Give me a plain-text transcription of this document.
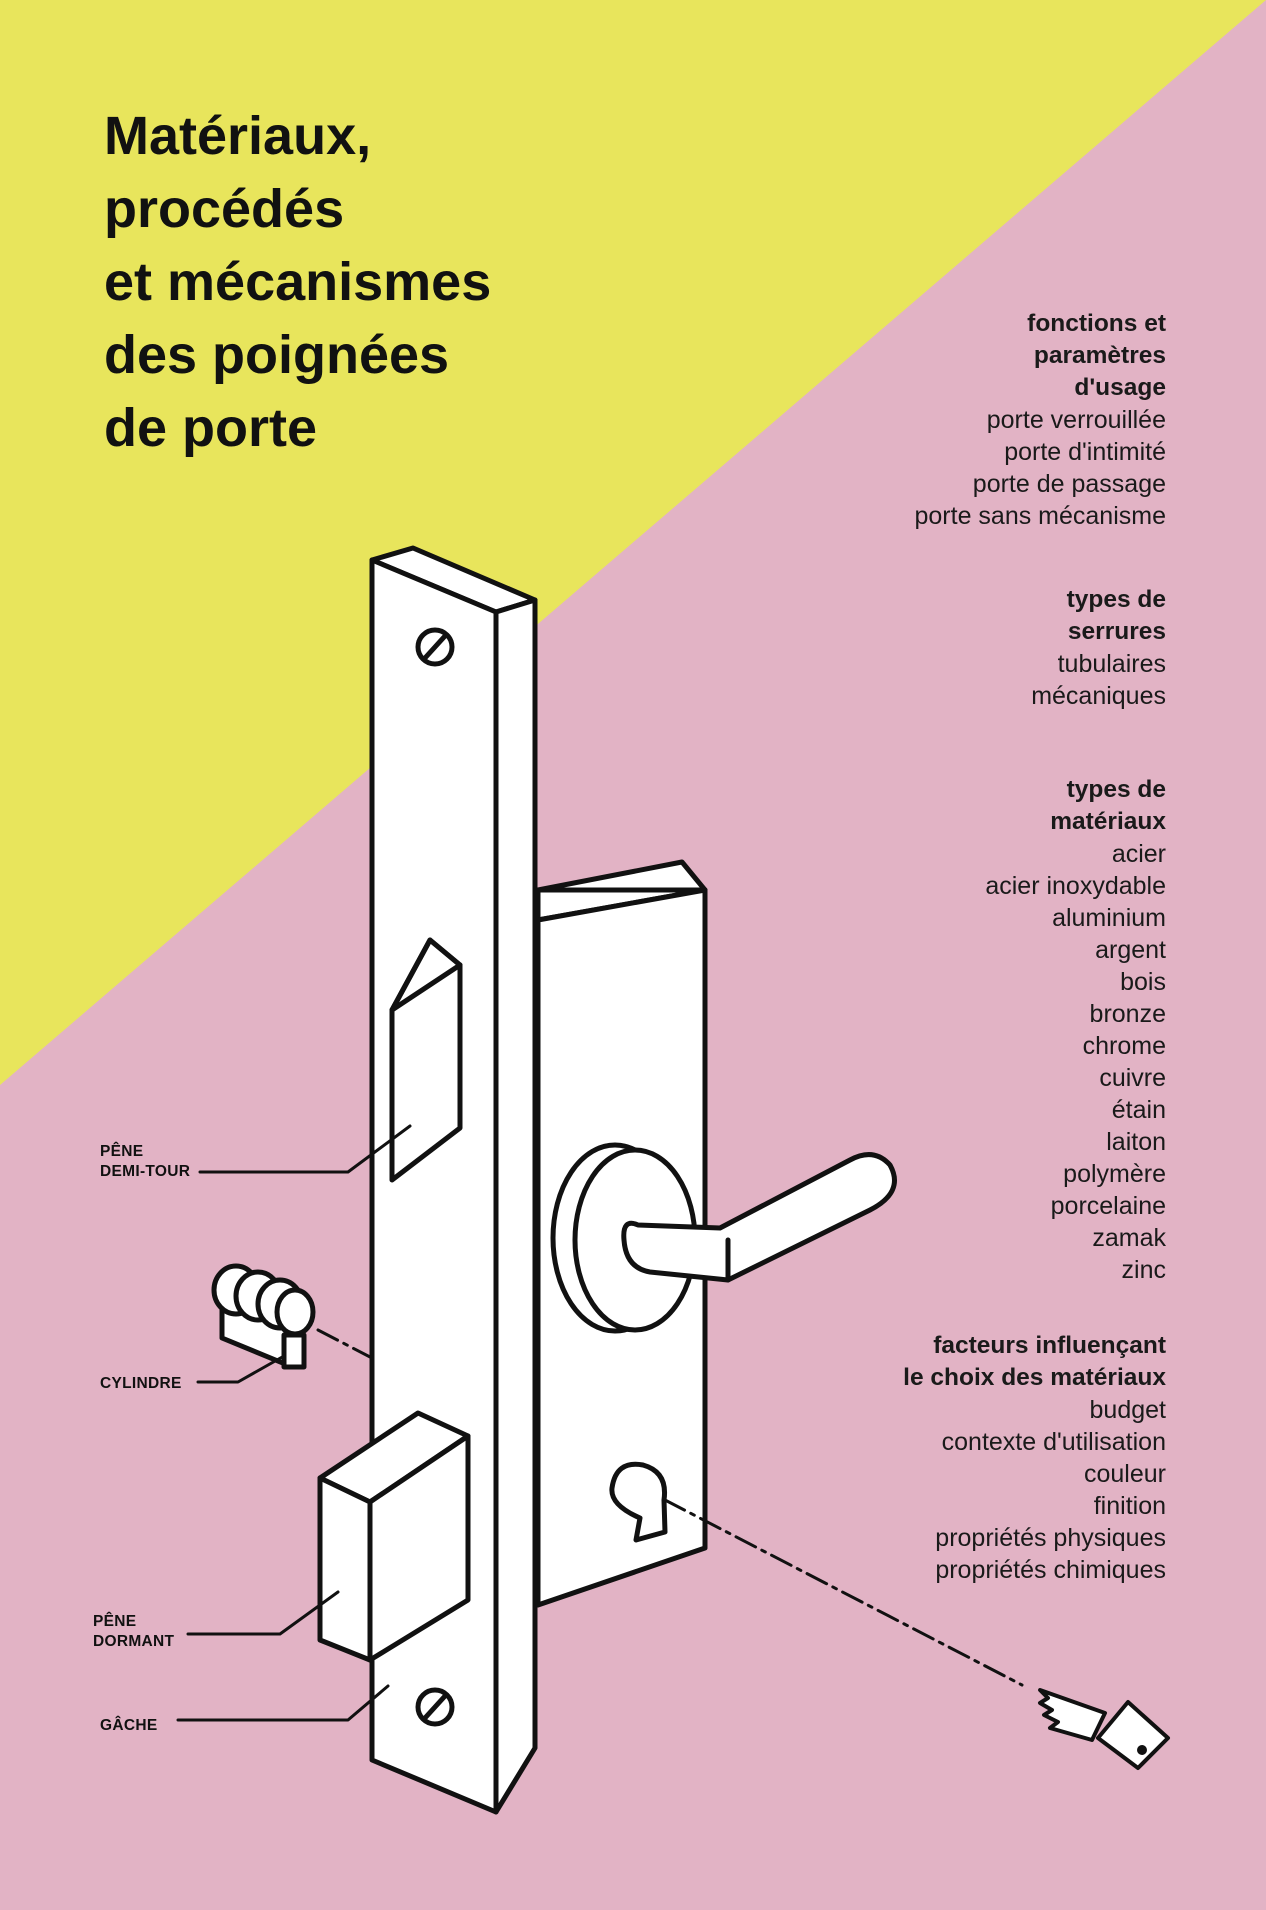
Matériaux,
procédés
et mécanismes
des poignées
de porte

fonctions et

paramètres

d'usage

porte verrouillée

porte d'intimité

porte de passage

porte sans mécanisme

types de

serrures

tubulaires

mécaniques

types de

matériaux

acier

acier inoxydable

aluminium

argent

bois

bronze

chrome

cuivre

étain

laiton

polymère

porcelaine

zamak

zinc

facteurs influençant

le choix des matériaux

budget

contexte d'utilisation

couleur

finition

propriétés physiques

propriétés chimiques

PÊNE
DEMI-TOUR
CYLINDRE
PÊNE
DORMANT
GÂCHE
